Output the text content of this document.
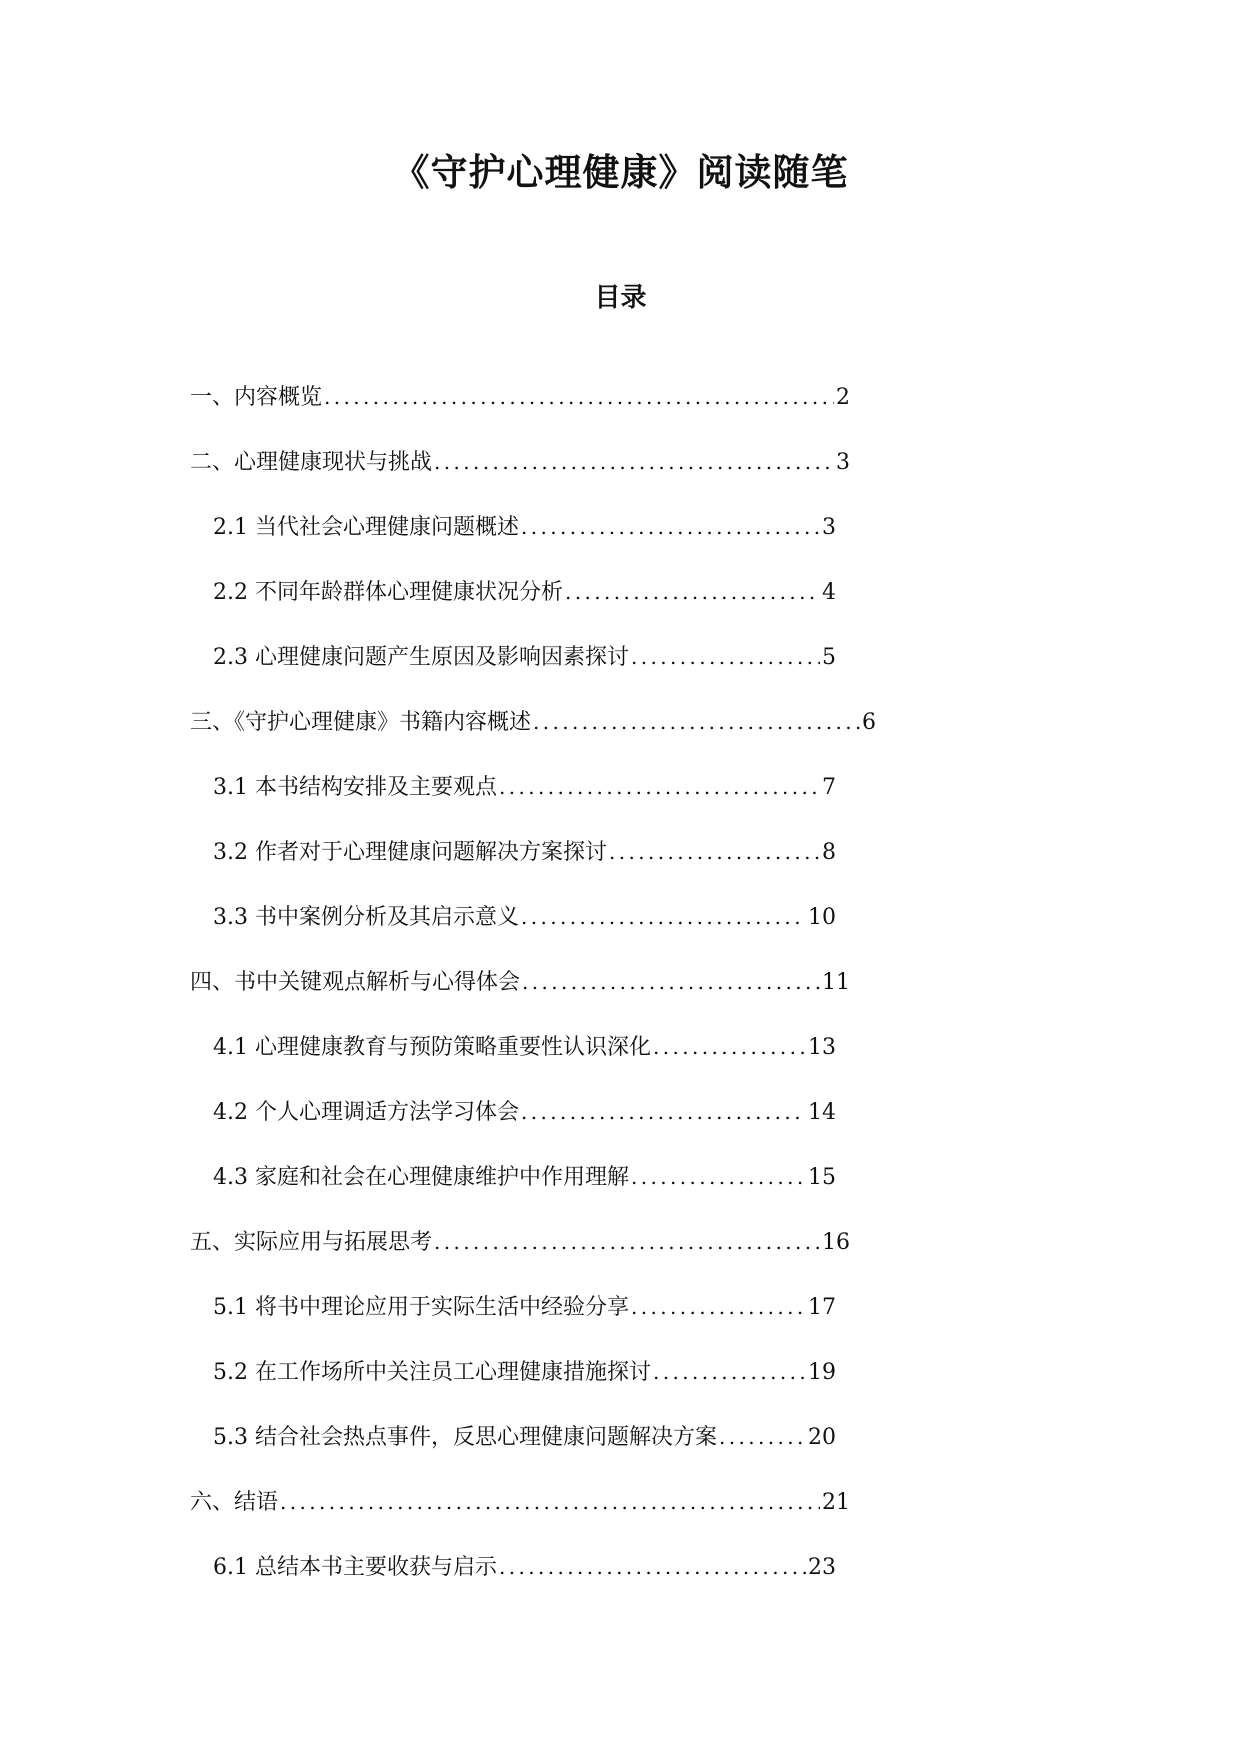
《守护心理健康》阅读随笔
目录
一、内容概览 .....	2
二、心理健康现状与挑战 .....	3
2.1 当代社会心理健康问题概述 .....	3
2.2 不同年龄群体心理健康状况分析 .....	4
2.3 心理健康问题产生原因及影响因素探讨 .....	5
三、《守护心理健康》书籍内容概述 .....	6
3.1 本书结构安排及主要观点 .....	7
3.2 作者对于心理健康问题解决方案探讨 .....	8
3.3 书中案例分析及其启示意义 .....	10
四、书中关键观点解析与心得体会 .....	11
4.1 心理健康教育与预防策略重要性认识深化 .....	13
4.2 个人心理调适方法学习体会 .....	14
4.3 家庭和社会在心理健康维护中作用理解 .....	15
五、实际应用与拓展思考 .....	16
5.1 将书中理论应用于实际生活中经验分享 .....	17
5.2 在工作场所中关注员工心理健康措施探讨 .....	19
5.3 结合社会热点事件，反思心理健康问题解决方案 .....	20
六、结语 .....	21
6.1 总结本书主要收获与启示 .....	23
